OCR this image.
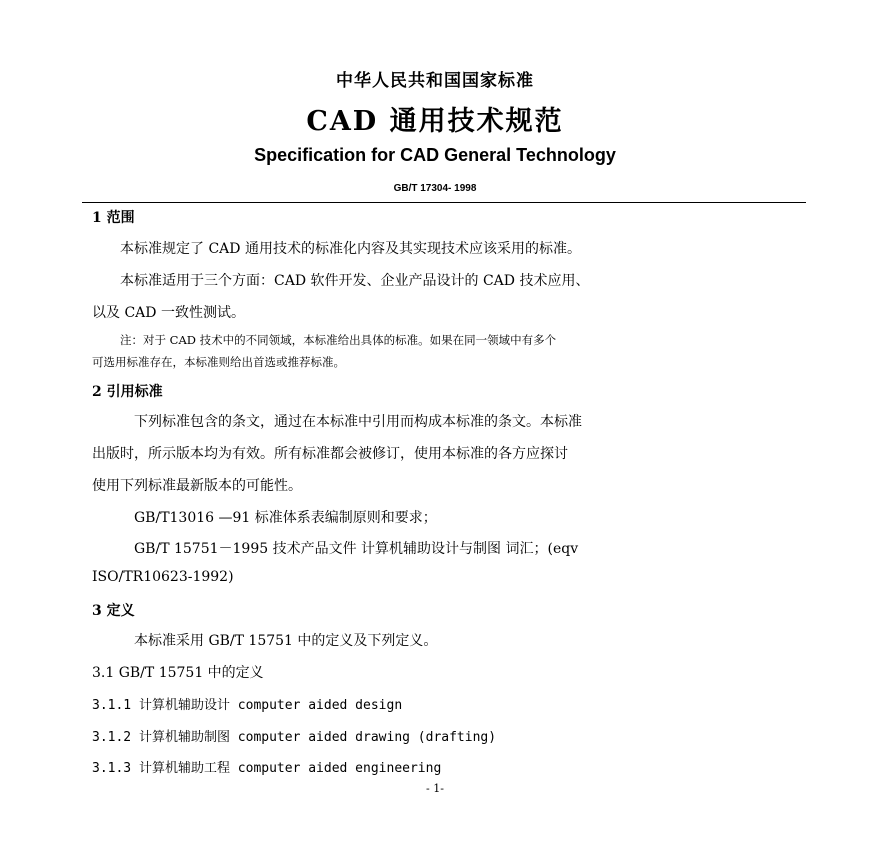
中华人民共和国国家标准
CAD 通用技术规范
Specification for CAD General Technology
GB/T 17304- 1998
1 范围
本标准规定了 CAD 通用技术的标准化内容及其实现技术应该采用的标准。
本标准适用于三个方面：CAD 软件开发、企业产品设计的 CAD 技术应用、
以及 CAD 一致性测试。
注：对于 CAD 技术中的不同领域，本标准给出具体的标准。如果在同一领域中有多个
可选用标准存在，本标准则给出首选或推荐标准。
2 引用标准
下列标准包含的条文，通过在本标准中引用而构成本标准的条文。本标准
出版时，所示版本均为有效。所有标准都会被修订，使用本标准的各方应探讨
使用下列标准最新版本的可能性。
GB/T13016 —91 标准体系表编制原则和要求；
GB/T 15751－1995 技术产品文件 计算机辅助设计与制图 词汇；(eqv
ISO/TR10623-1992)
3 定义
本标准采用 GB/T 15751 中的定义及下列定义。
3.1 GB/T 15751 中的定义
3.1.1 计算机辅助设计 computer aided design
3.1.2 计算机辅助制图 computer aided drawing (drafting)
3.1.3 计算机辅助工程 computer aided engineering
- 1-
